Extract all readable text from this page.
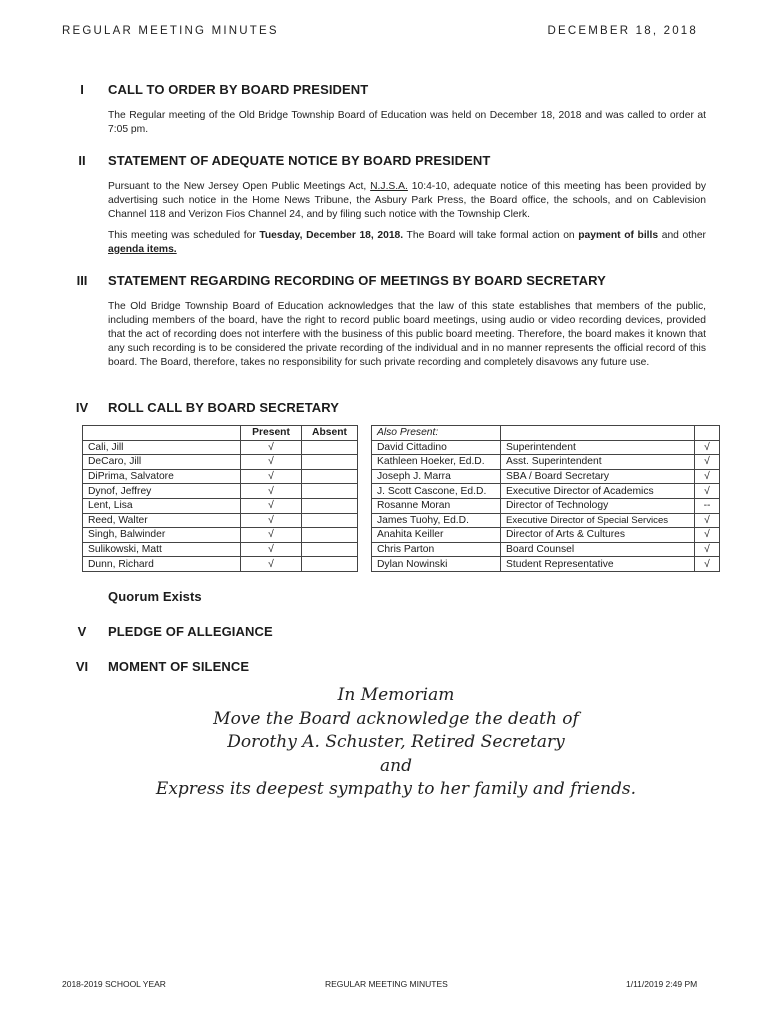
REGULAR MEETING MINUTES	DECEMBER 18, 2018
I	CALL TO ORDER BY BOARD PRESIDENT
The Regular meeting of the Old Bridge Township Board of Education was held on December 18, 2018 and was called to order at 7:05 pm.
II	STATEMENT OF ADEQUATE NOTICE BY BOARD PRESIDENT
Pursuant to the New Jersey Open Public Meetings Act, N.J.S.A. 10:4-10, adequate notice of this meeting has been provided by advertising such notice in the Home News Tribune, the Asbury Park Press, the Board office, the schools, and on Cablevision Channel 118 and Verizon Fios Channel 24, and by filing such notice with the Township Clerk.
This meeting was scheduled for Tuesday, December 18, 2018. The Board will take formal action on payment of bills and other agenda items.
III	STATEMENT REGARDING RECORDING OF MEETINGS BY BOARD SECRETARY
The Old Bridge Township Board of Education acknowledges that the law of this state establishes that members of the public, including members of the board, have the right to record public board meetings, using audio or video recording devices, provided that the act of recording does not interfere with the business of this public board meeting. Therefore, the board makes it known that any such recording is to be considered the private recording of the individual and in no manner represents the official record of this board. The Board, therefore, takes no responsibility for such private recording and completely disavows any future use.
IV	ROLL CALL BY BOARD SECRETARY
	Present	Absent
Cali, Jill	√	
DeCaro, Jill	√	
DiPrima, Salvatore	√	
Dynof, Jeffrey	√	
Lent, Lisa	√	
Reed, Walter	√	
Singh, Balwinder	√	
Sulikowski, Matt	√	
Dunn, Richard	√	
Also Present:		
David Cittadino	Superintendent	√
Kathleen Hoeker, Ed.D.	Asst. Superintendent	√
Joseph J. Marra	SBA / Board Secretary	√
J. Scott Cascone, Ed.D.	Executive Director of Academics	√
Rosanne Moran	Director of Technology	--
James Tuohy, Ed.D.	Executive Director of Special Services	√
Anahita Keiller	Director of Arts & Cultures	√
Chris Parton	Board Counsel	√
Dylan Nowinski	Student Representative	√
Quorum Exists
V	PLEDGE OF ALLEGIANCE
VI	MOMENT OF SILENCE
In Memoriam
Move the Board acknowledge the death of
Dorothy A. Schuster, Retired Secretary
and
Express its deepest sympathy to her family and friends.
2018-2019 SCHOOL YEAR	REGULAR MEETING MINUTES	1/11/2019 2:49 PM
